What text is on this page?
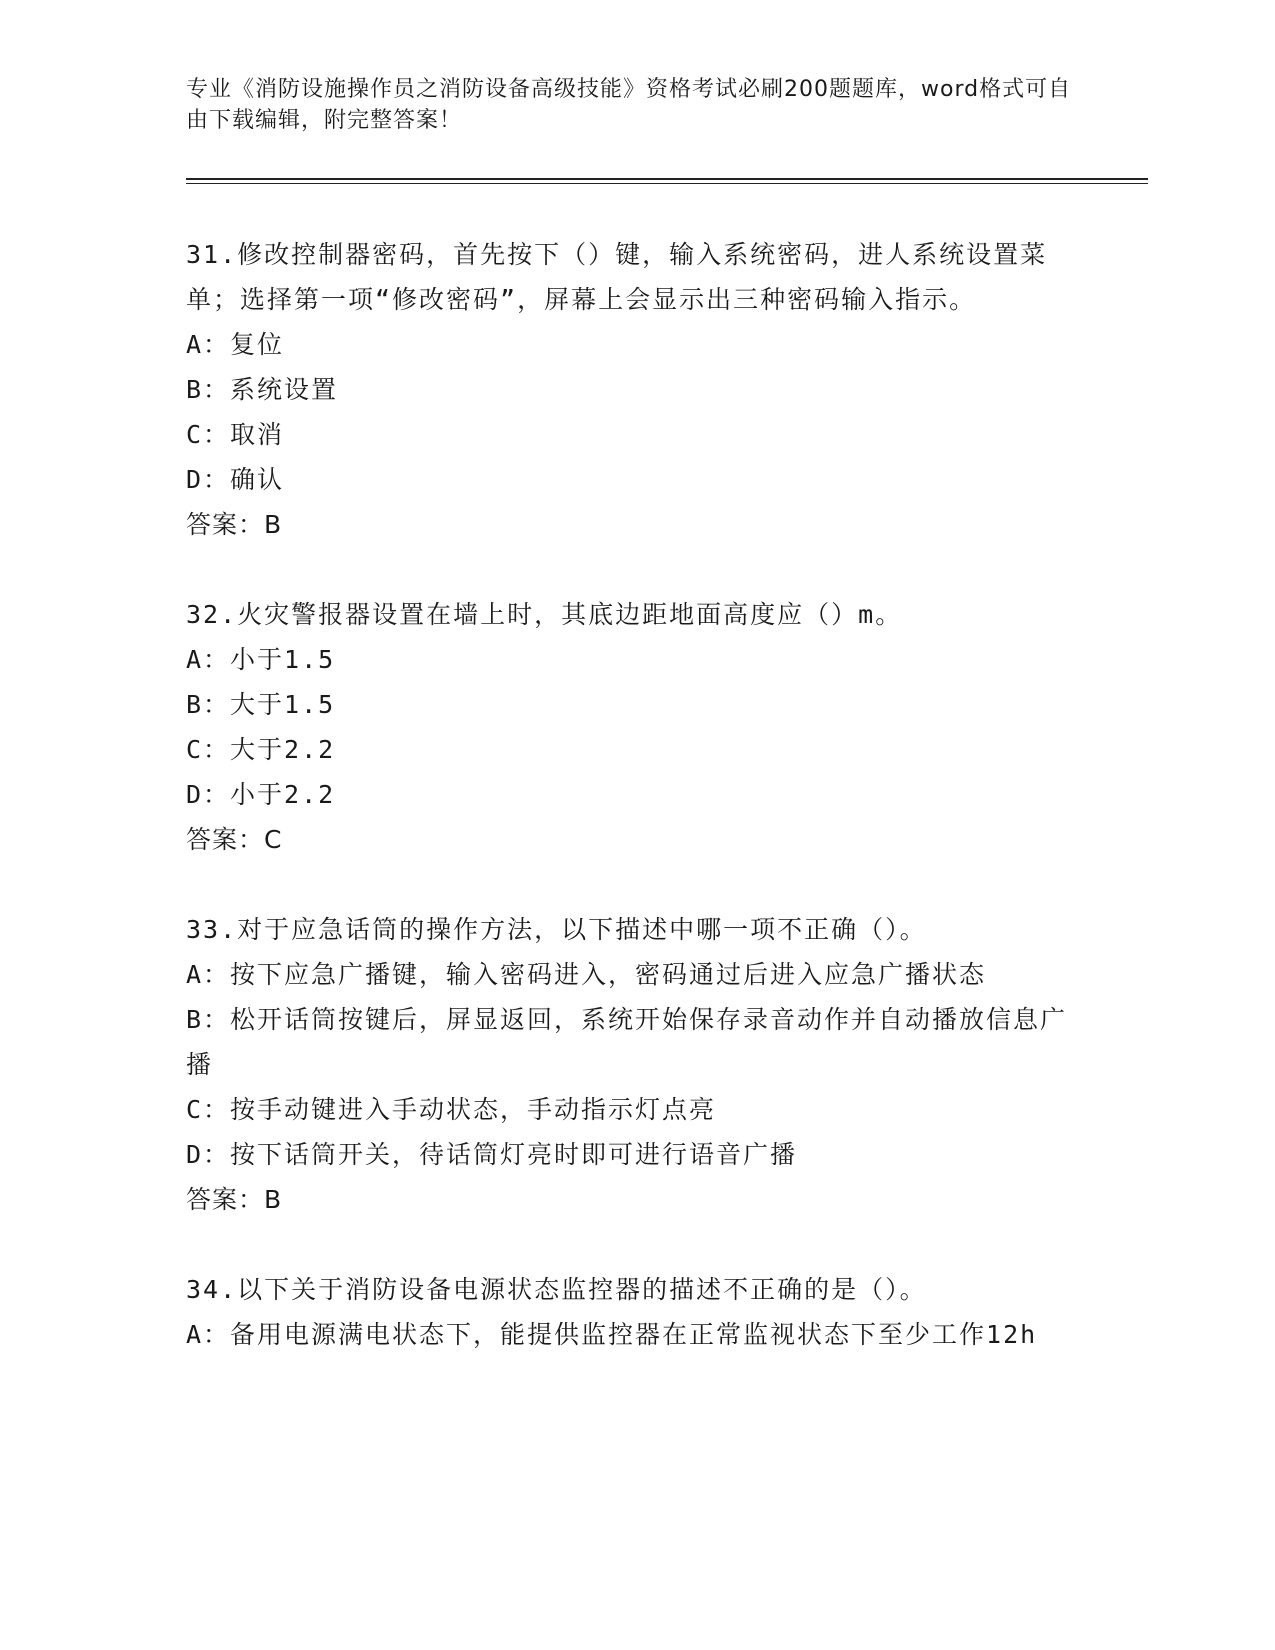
专业《消防设施操作员之消防设备高级技能》资格考试必刷200题题库，word格式可自由下载编辑，附完整答案！
31.修改控制器密码，首先按下（）键，输入系统密码，进人系统设置菜单；选择第一项“修改密码”，屏幕上会显示出三种密码输入指示。
A：复位
B：系统设置
C：取消
D：确认
答案：B
32.火灾警报器设置在墙上时，其底边距地面高度应（）m。
A：小于1.5
B：大于1.5
C：大于2.2
D：小于2.2
答案：C
33.对于应急话筒的操作方法，以下描述中哪一项不正确（）。
A：按下应急广播键，输入密码进入，密码通过后进入应急广播状态
B：松开话筒按键后，屏显返回，系统开始保存录音动作并自动播放信息广播
C：按手动键进入手动状态，手动指示灯点亮
D：按下话筒开关，待话筒灯亮时即可进行语音广播
答案：B
34.以下关于消防设备电源状态监控器的描述不正确的是（）。
A：备用电源满电状态下，能提供监控器在正常监视状态下至少工作12h
